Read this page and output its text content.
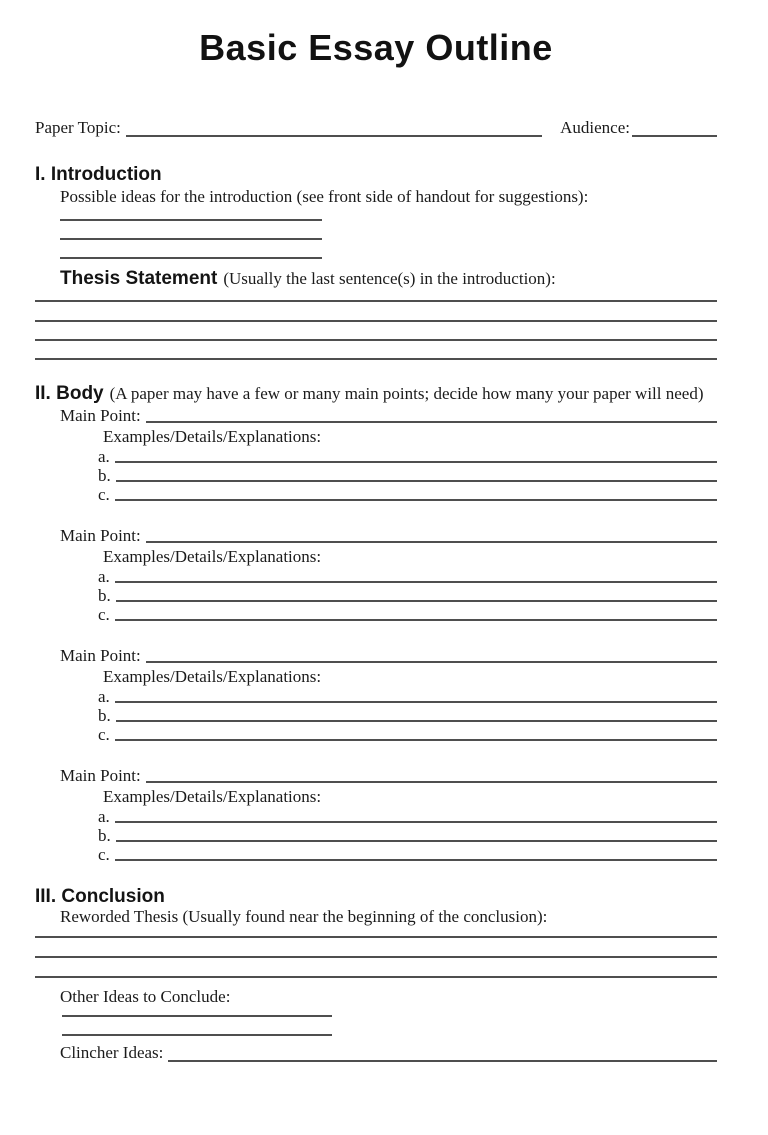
Basic Essay Outline
Paper Topic:	Audience:
I. Introduction
Possible ideas for the introduction (see front side of handout for suggestions):
Thesis Statement (Usually the last sentence(s) in the introduction):
II. Body (A paper may have a few or many main points; decide how many your paper will need)
Main Point:
Examples/Details/Explanations:
a.
b.
c.
Main Point:
Examples/Details/Explanations:
a.
b.
c.
Main Point:
Examples/Details/Explanations:
a.
b.
c.
Main Point:
Examples/Details/Explanations:
a.
b.
c.
III. Conclusion
Reworded Thesis (Usually found near the beginning of the conclusion):
Other Ideas to Conclude:
Clincher Ideas:
